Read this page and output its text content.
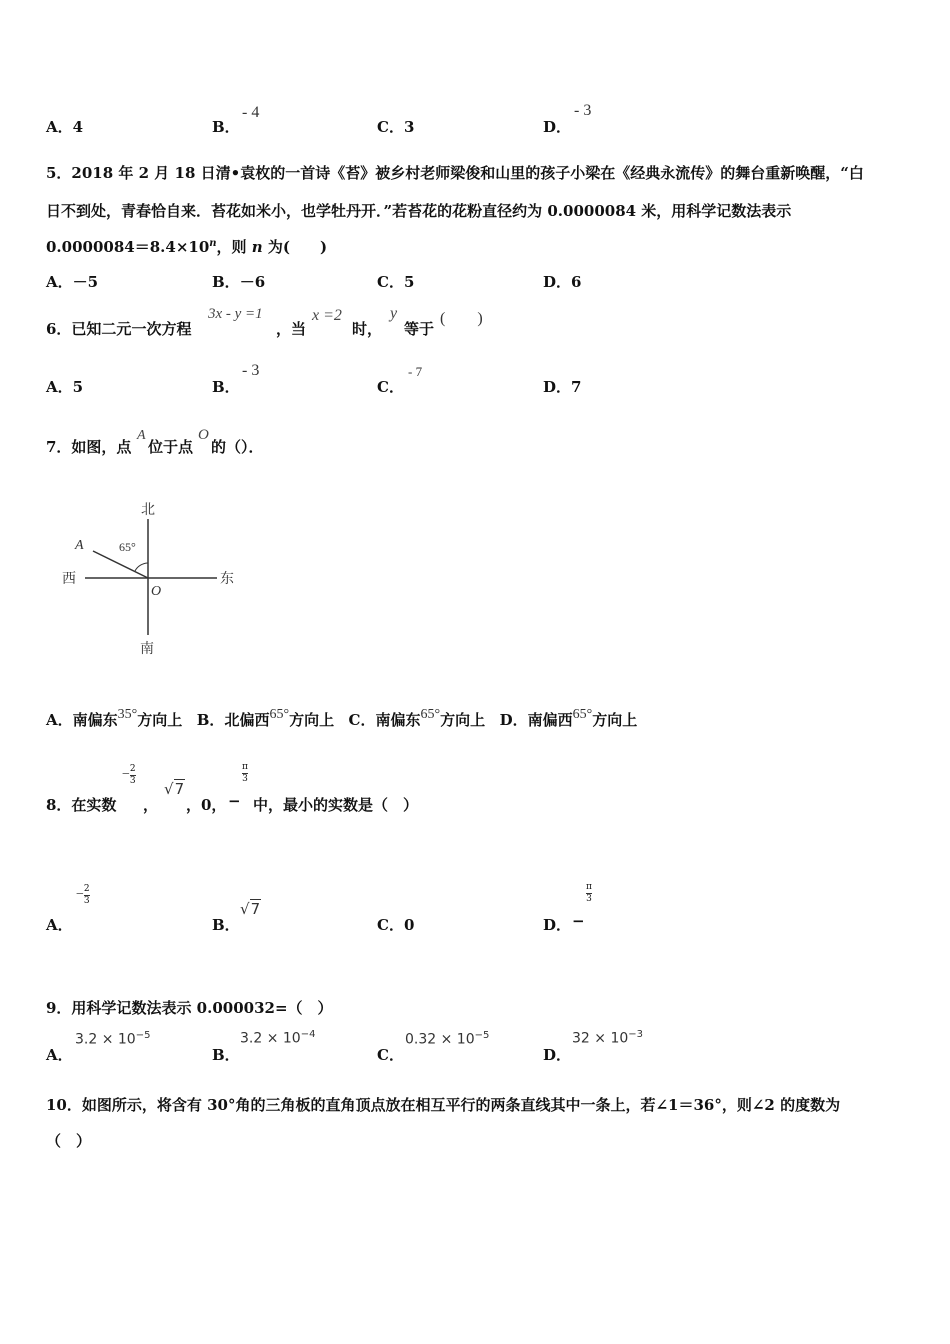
A．4	B．
- 4
C．3	D．
- 3
5．2018 年 2 月 18 日清•袁枚的一首诗《苔》被乡村老师梁俊和山里的孩子小梁在《经典永流传》的舞台重新唤醒，“白
日不到处，青春恰自来．苔花如米小，也学牡丹开．”若苔花的花粉直径约为 0.0000084 米，用科学记数法表示
$0.0000084=8.4\times 10^n$，则 n 为(　　)
A．－5	B．－6	C．5	D．6
6．已知二元一次方程
3x - y =1
，当
x =2
时，
y
等于
(　　)
A．5	B．
- 3
C．
- 7
D．7
7．如图，点
A
位于点
O
的（）．
北
南
东
西
A
O
65°
A．南偏东35°方向上 B．北偏西65°方向上 C．南偏东65°方向上 D．南偏西65°方向上
8．在实数
$-\frac{2}{3}$
，
√7
，0，
$\frac{\pi}{3}$
− 中，最小的实数是（　）
A．
$-\frac{2}{3}$
B．
√7
C．0	D．
$\frac{\pi}{3}$
−
9．用科学记数法表示 0.000032=（　）
A．
$3.2 \times 10^{-5}$
B．
$3.2 \times 10^{-4}$
C．
$0.32 \times 10^{-5}$
D．
$32 \times 10^{-3}$
10．如图所示，将含有 30°角的三角板的直角顶点放在相互平行的两条直线其中一条上，若∠1＝36°，则∠2 的度数为
（　）
